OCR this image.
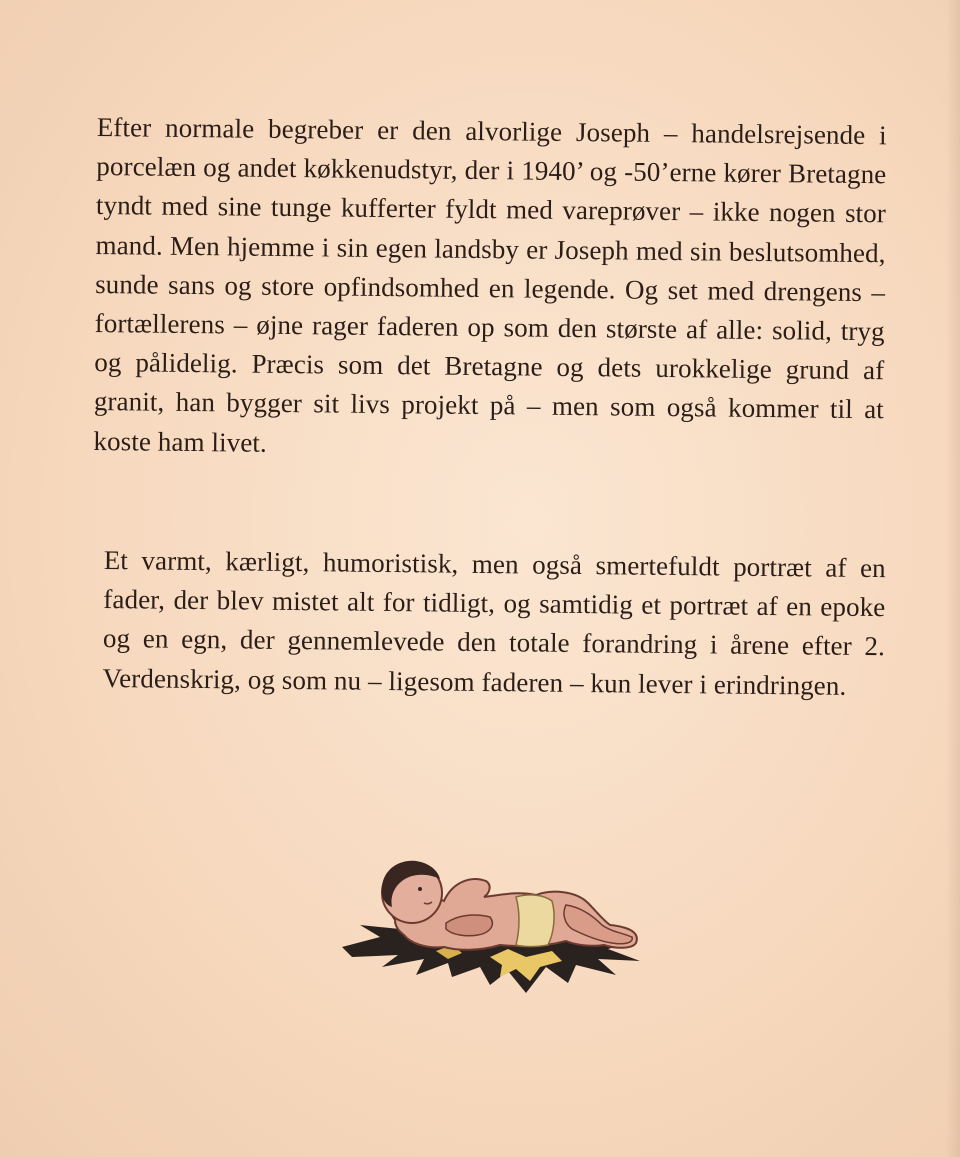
Efter normale begreber er den alvorlige Joseph – handelsrejsende i porcelæn og andet køkkenudstyr, der i 1940’ og -50’erne kører Bretagne tyndt med sine tunge kufferter fyldt med vareprøver – ikke nogen stor mand. Men hjemme i sin egen landsby er Joseph med sin beslutsomhed, sunde sans og store opfindsomhed en legende. Og set med drengens – fortællerens – øjne rager faderen op som den største af alle: solid, tryg og pålidelig. Præcis som det Bretagne og dets urokkelige grund af granit, han bygger sit livs projekt på – men som også kommer til at koste ham livet.

Et varmt, kærligt, humoristisk, men også smertefuldt portræt af en fader, der blev mistet alt for tidligt, og samtidig et portræt af en epoke og en egn, der gennemlevede den totale forandring i årene efter 2. Verdenskrig, og som nu – ligesom faderen – kun lever i erindringen.
